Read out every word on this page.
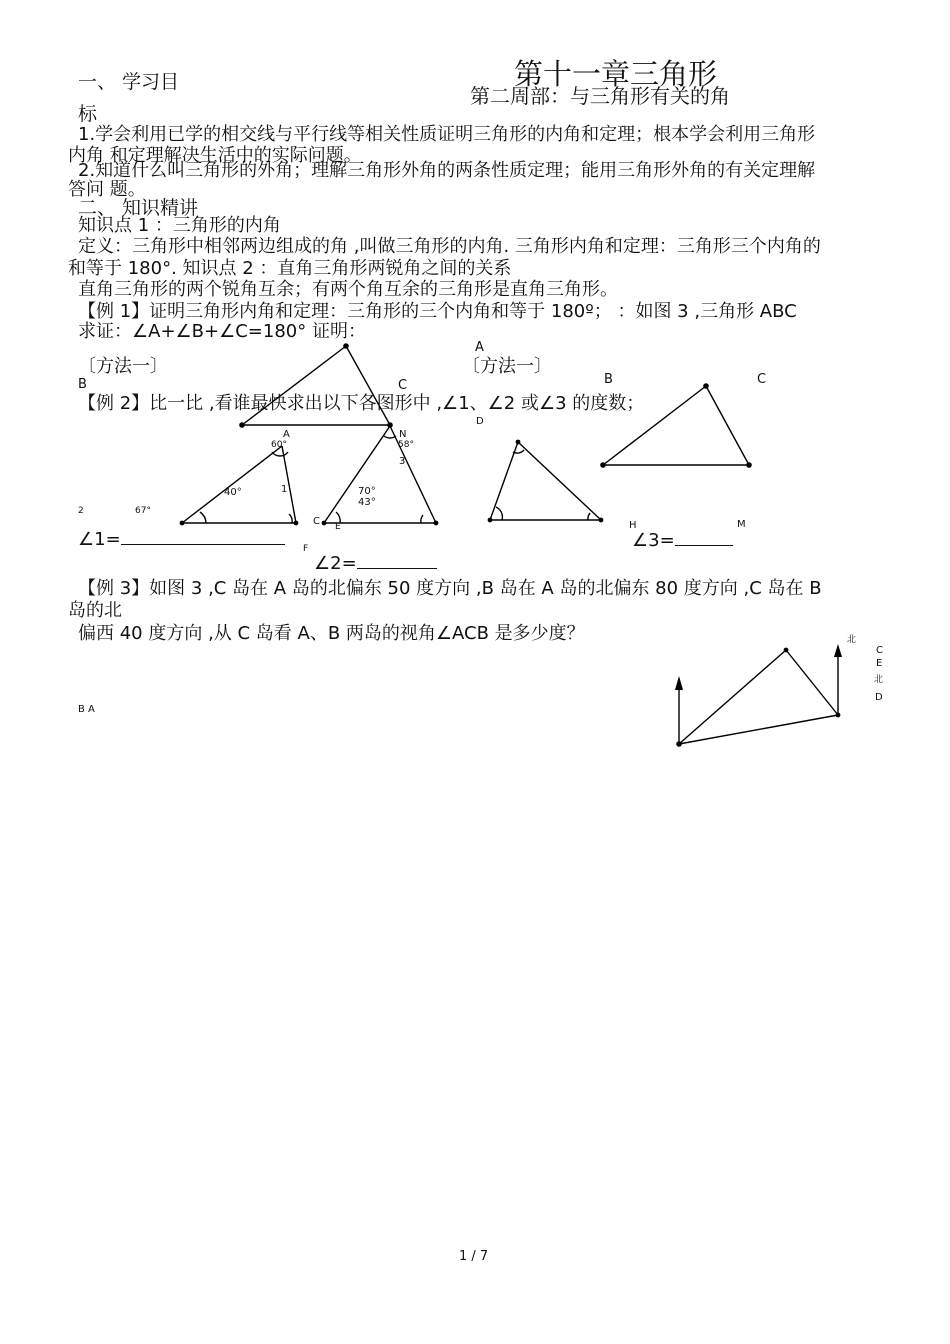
一、 学习目	第十一章三角形
第二周部：与三角形有关的角
标
1.学会利用已学的相交线与平行线等相关性质证明三角形的内角和定理；根本学会利用三角形
内角 和定理解决生活中的实际问题。
2.知道什么叫三角形的外角；理解三角形外角的两条性质定理；能用三角形外角的有关定理解
答问 题。
二、 知识精讲
知识点 1 ：三角形的内角
定义：三角形中相邻两边组成的角 ,叫做三角形的内角. 三角形内角和定理：三角形三个内角的
和等于 180°. 知识点 2 ：直角三角形两锐角之间的关系
直角三角形的两个锐角互余；有两个角互余的三角形是直角三角形。
【例 1】证明三角形内角和定理：三角形的三个内角和等于 180º； ：如图 3 ,三角形 ABC
求证：∠A+∠B+∠C=180° 证明：
〔方法一〕	〔方法一〕
A
B	C	B	C
D
【例 2】比一比 ,看谁最快求出以下各图形中 ,∠1、∠2 或∠3 的度数；
A
60°
40°	1
2	67°
F
N
58°
3
70°
43°
C E	H	M
∠1=	∠3=
∠2=
【例 3】如图 3 ,C 岛在 A 岛的北偏东 50 度方向 ,B 岛在 A 岛的北偏东 80 度方向 ,C 岛在 B
岛的北
偏西 40 度方向 ,从 C 岛看 A、B 两岛的视角∠ACB 是多少度？	北
C
E
北
D
B A
1 / 7
